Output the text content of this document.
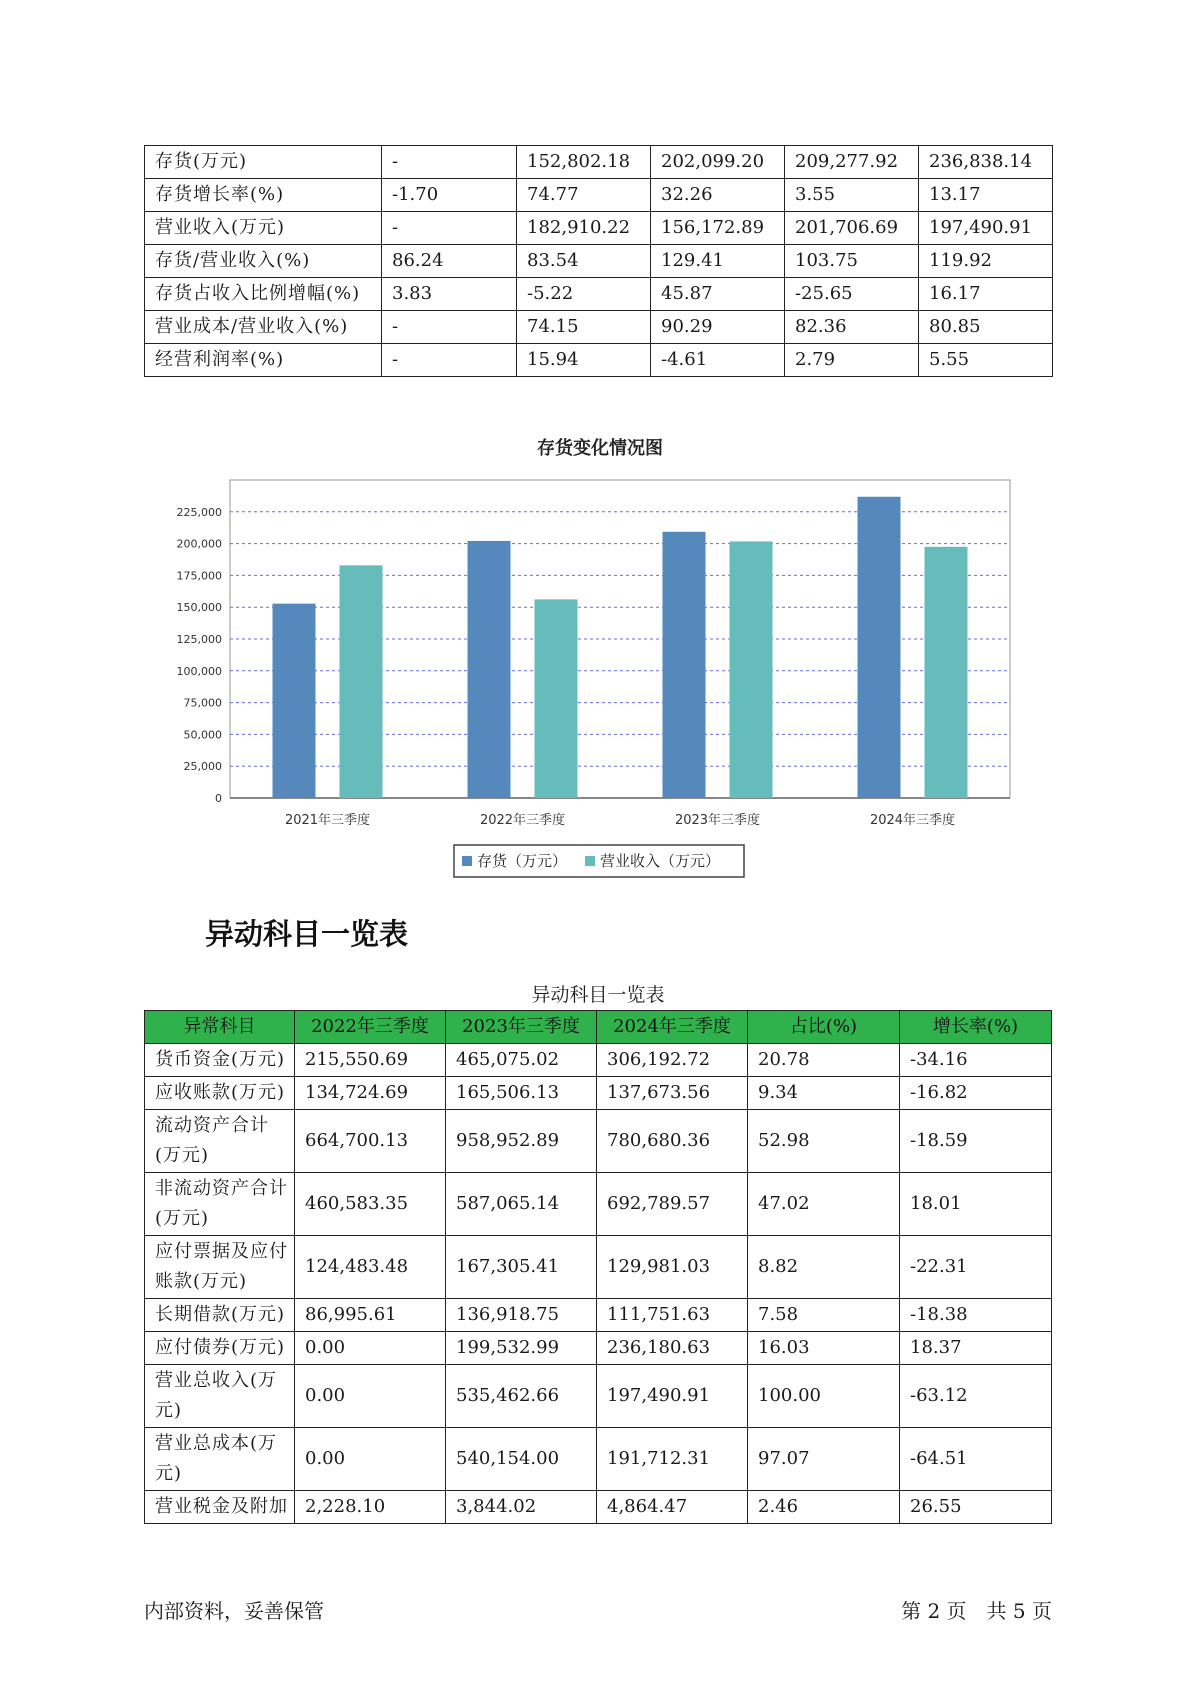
存货(万元)	-	152,802.18	202,099.20	209,277.92	236,838.14
存货增长率(%)	-1.70	74.77	32.26	3.55	13.17
营业收入(万元)	-	182,910.22	156,172.89	201,706.69	197,490.91
存货/营业收入(%)	86.24	83.54	129.41	103.75	119.92
存货占收入比例增幅(%)	3.83	-5.22	45.87	-25.65	16.17
营业成本/营业收入(%)	-	74.15	90.29	82.36	80.85
经营利润率(%)	-	15.94	-4.61	2.79	5.55
存货变化情况图
0
25,000
50,000
75,000
100,000
125,000
150,000
175,000
200,000
225,000
2021年三季度	2022年三季度	2023年三季度	2024年三季度
存货（万元） 营业收入（万元）
异动科目一览表
异动科目一览表
异常科目	2022年三季度	2023年三季度	2024年三季度	占比(%)	增长率(%)
货币资金(万元)	215,550.69	465,075.02	306,192.72	20.78	-34.16
应收账款(万元)	134,724.69	165,506.13	137,673.56	9.34	-16.82
流动资产合计(万元)	664,700.13	958,952.89	780,680.36	52.98	-18.59
非流动资产合计(万元)	460,583.35	587,065.14	692,789.57	47.02	18.01
应付票据及应付账款(万元)	124,483.48	167,305.41	129,981.03	8.82	-22.31
长期借款(万元)	86,995.61	136,918.75	111,751.63	7.58	-18.38
应付债券(万元)	0.00	199,532.99	236,180.63	16.03	18.37
营业总收入(万元)	0.00	535,462.66	197,490.91	100.00	-63.12
营业总成本(万元)	0.00	540,154.00	191,712.31	97.07	-64.51
营业税金及附加	2,228.10	3,844.02	4,864.47	2.46	26.55
内部资料，妥善保管	第 2 页　共 5 页
